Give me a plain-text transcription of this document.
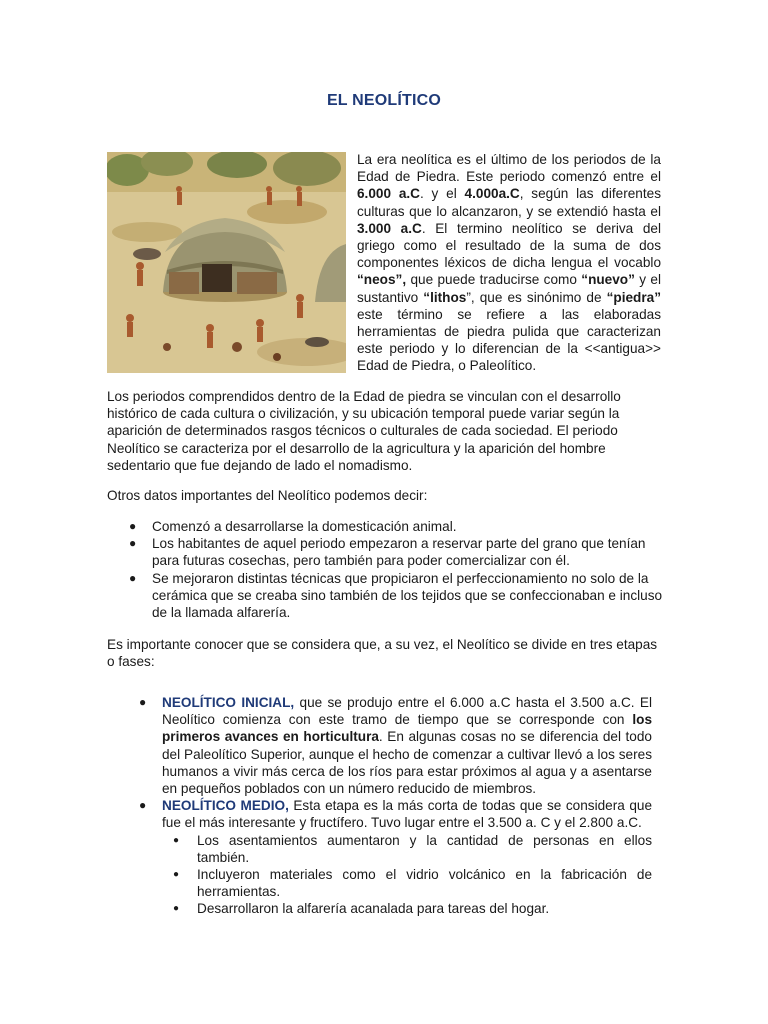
EL NEOLÍTICO

La era neolítica es el último de los periodos de la Edad de Piedra. Este periodo comenzó entre el 6.000 a.C. y el 4.000a.C, según las diferentes culturas que lo alcanzaron, y se extendió hasta el 3.000 a.C. El termino neolítico se deriva del griego como el resultado de la suma de dos componentes léxicos de dicha lengua el vocablo “neos”, que puede traducirse como “nuevo” y el sustantivo “lithos”, que es sinónimo de “piedra” este término se refiere a las elaboradas herramientas de piedra pulida que caracterizan este periodo y lo diferencian de la <<antigua>> Edad de Piedra, o Paleolítico.

Los periodos comprendidos dentro de la Edad de piedra se vinculan con el desarrollo histórico de cada cultura o civilización, y su ubicación temporal puede variar según la aparición de determinados rasgos técnicos o culturales de cada sociedad. El periodo Neolítico se caracteriza por el desarrollo de la agricultura y la aparición del hombre sedentario que fue dejando de lado el nomadismo.

Otros datos importantes del Neolítico podemos decir:

● Comenzó a desarrollarse la domesticación animal.
● Los habitantes de aquel periodo empezaron a reservar parte del grano que tenían para futuras cosechas, pero también para poder comercializar con él.
● Se mejoraron distintas técnicas que propiciaron el perfeccionamiento no solo de la cerámica que se creaba sino también de los tejidos que se confeccionaban e incluso de la llamada alfarería.

Es importante conocer que se considera que, a su vez, el Neolítico se divide en tres etapas o fases:

● NEOLÍTICO INICIAL, que se produjo entre el 6.000 a.C hasta el 3.500 a.C. El Neolítico comienza con este tramo de tiempo que se corresponde con los primeros avances en horticultura. En algunas cosas no se diferencia del todo del Paleolítico Superior, aunque el hecho de comenzar a cultivar llevó a los seres humanos a vivir más cerca de los ríos para estar próximos al agua y a asentarse en pequeños poblados con un número reducido de miembros.
● NEOLÍTICO MEDIO, Esta etapa es la más corta de todas que se considera que fue el más interesante y fructífero. Tuvo lugar entre el 3.500 a. C y el 2.800 a.C.
● Los asentamientos aumentaron y la cantidad de personas en ellos también.
● Incluyeron materiales como el vidrio volcánico en la fabricación de herramientas.
● Desarrollaron la alfarería acanalada para tareas del hogar.
